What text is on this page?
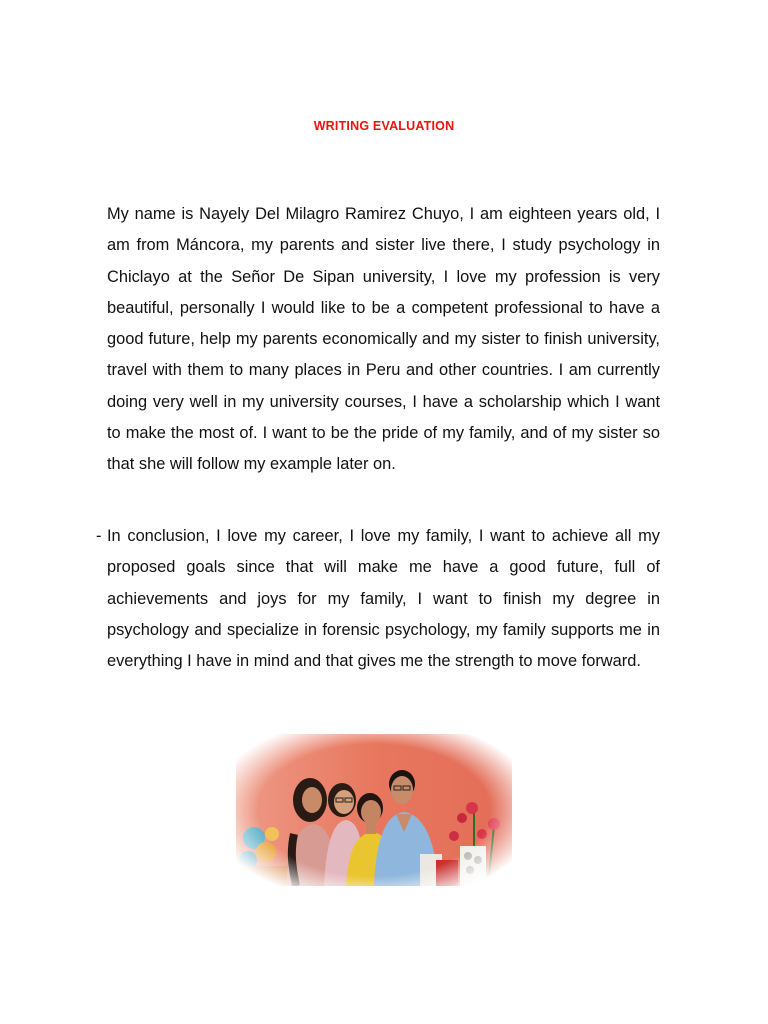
WRITING EVALUATION

My name is Nayely Del Milagro Ramirez Chuyo, I am eighteen years old, I am from Máncora, my parents and sister live there, I study psychology in Chiclayo at the Señor De Sipan university, I love my profession is very beautiful, personally I would like to be a competent professional to have a good future, help my parents economically and my sister to finish university, travel with them to many places in Peru and other countries. I am currently doing very well in my university courses, I have a scholarship which I want to make the most of. I want to be the pride of my family, and of my sister so that she will follow my example later on.

- In conclusion, I love my career, I love my family, I want to achieve all my proposed goals since that will make me have a good future, full of achievements and joys for my family, I want to finish my degree in psychology and specialize in forensic psychology, my family supports me in everything I have in mind and that gives me the strength to move forward.
